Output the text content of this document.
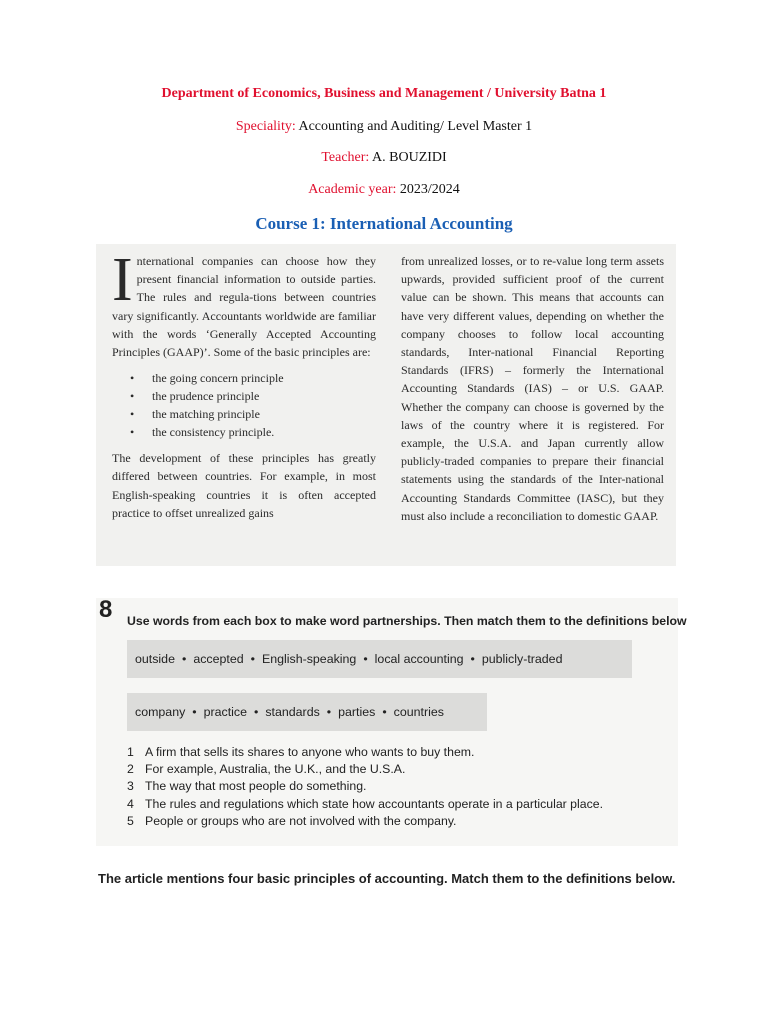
Department of Economics, Business and Management / University Batna 1
Speciality: Accounting and Auditing/ Level Master 1
Teacher: A. BOUZIDI
Academic year: 2023/2024
Course 1: International Accounting
I nternational companies can choose how they present financial information to outside parties. The rules and regula-tions between countries vary significantly. Accountants worldwide are familiar with the words ‘Generally Accepted Accounting Principles (GAAP)’. Some of the basic principles are:

• the going concern principle
• the prudence principle
• the matching principle
• the consistency principle.

The development of these principles has greatly differed between countries. For example, in most English-speaking countries it is often accepted practice to offset unrealized gains

from unrealized losses, or to re-value long term assets upwards, provided sufficient proof of the current value can be shown. This means that accounts can have very different values, depending on whether the company chooses to follow local accounting standards, Inter-national Financial Reporting Standards (IFRS) – formerly the International Accounting Standards (IAS) – or U.S. GAAP. Whether the company can choose is governed by the laws of the country where it is registered. For example, the U.S.A. and Japan currently allow publicly-traded companies to prepare their financial statements using the standards of the Inter-national Accounting Standards Committee (IASC), but they must also include a reconciliation to domestic GAAP.

8 Use words from each box to make word partnerships. Then match them to the definitions below
outside • accepted • English-speaking • local accounting • publicly-traded
company • practice • standards • parties • countries
1 A firm that sells its shares to anyone who wants to buy them.
2 For example, Australia, the U.K., and the U.S.A.
3 The way that most people do something.
4 The rules and regulations which state how accountants operate in a particular place.
5 People or groups who are not involved with the company.
The article mentions four basic principles of accounting. Match them to the definitions below.
